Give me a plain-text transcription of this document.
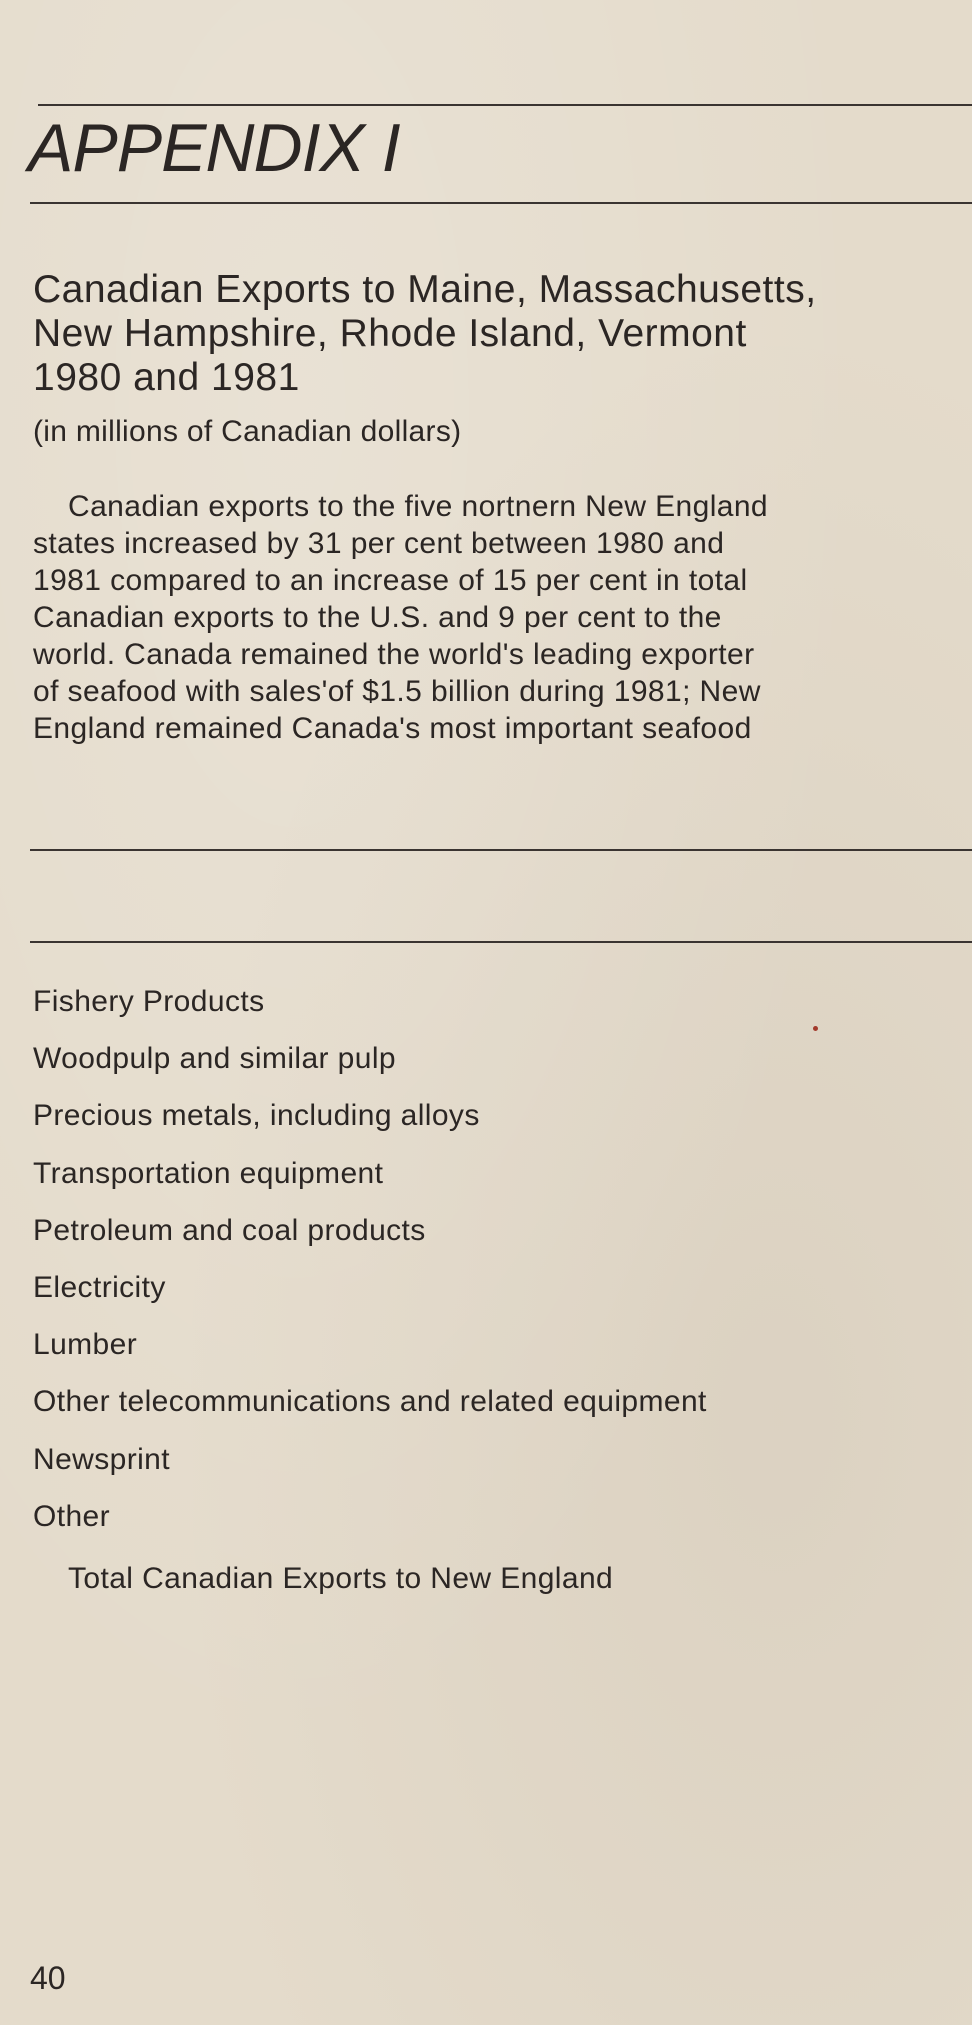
APPENDIX I
Canadian Exports to Maine, Massachusetts,
New Hampshire, Rhode Island, Vermont
1980 and 1981

(in millions of Canadian dollars)

Canadian exports to the five nortnern New England
states increased by 31 per cent between 1980 and
1981 compared to an increase of 15 per cent in total
Canadian exports to the U.S. and 9 per cent to the
world. Canada remained the world's leading exporter
of seafood with sales'of $1.5 billion during 1981; New
England remained Canada's most important seafood

Fishery Products
Woodpulp and similar pulp
Precious metals, including alloys
Transportation equipment
Petroleum and coal products
Electricity
Lumber
Other telecommunications and related equipment
Newsprint
Other
Total Canadian Exports to New England
40
